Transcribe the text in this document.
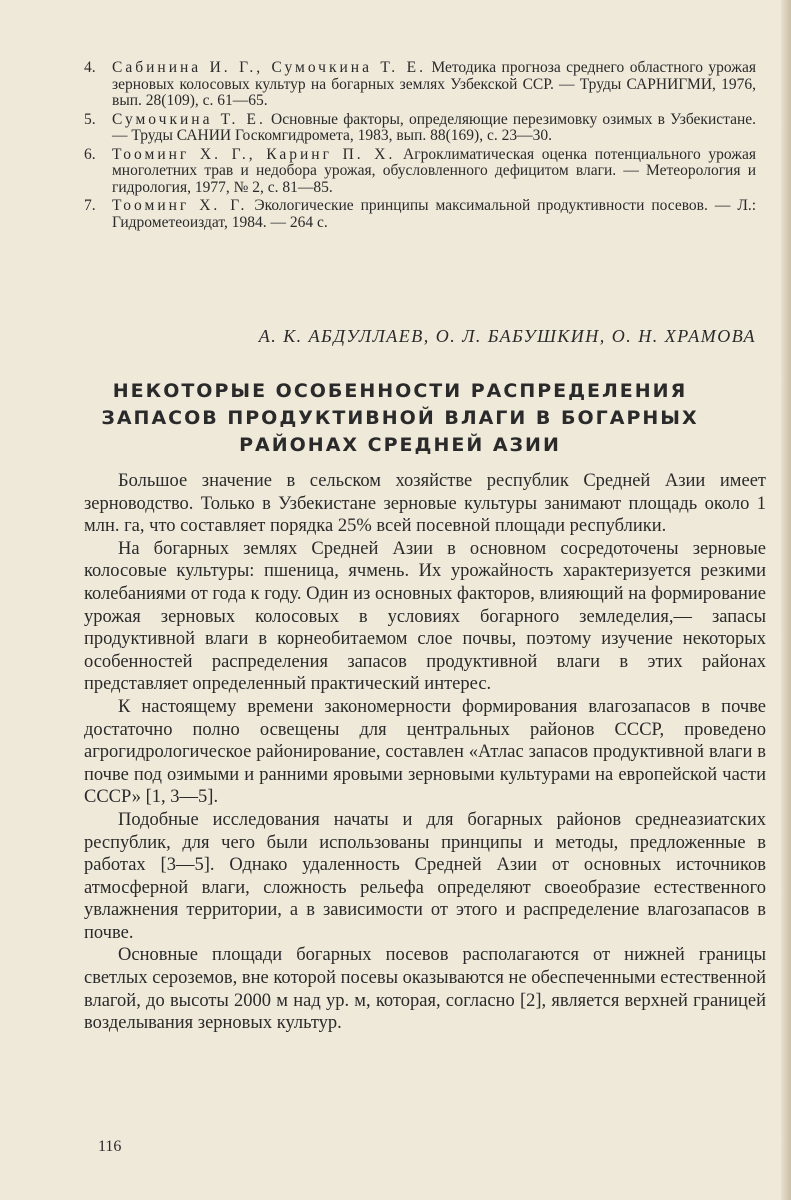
4. Сабинина И. Г., Сумочкина Т. Е. Методика прогноза среднего областного урожая зерновых колосовых культур на богарных землях Узбекской ССР. — Труды САРНИГМИ, 1976, вып. 28(109), с. 61—65.
5. Сумочкина Т. Е. Основные факторы, определяющие перезимовку озимых в Узбекистане. — Труды САНИИ Госкомгидромета, 1983, вып. 88(169), с. 23—30.
6. Тооминг Х. Г., Каринг П. Х. Агроклиматическая оценка потенциального урожая многолетних трав и недобора урожая, обусловленного дефицитом влаги. — Метеорология и гидрология, 1977, № 2, с. 81—85.
7. Тооминг Х. Г. Экологические принципы максимальной продуктивности посевов. — Л.: Гидрометеоиздат, 1984. — 264 с.
А. К. АБДУЛЛАЕВ, О. Л. БАБУШКИН, О. Н. ХРАМОВА
НЕКОТОРЫЕ ОСОБЕННОСТИ РАСПРЕДЕЛЕНИЯ ЗАПАСОВ ПРОДУКТИВНОЙ ВЛАГИ В БОГАРНЫХ РАЙОНАХ СРЕДНЕЙ АЗИИ

Большое значение в сельском хозяйстве республик Средней Азии имеет зерноводство. Только в Узбекистане зерновые культуры занимают площадь около 1 млн. га, что составляет порядка 25% всей посевной площади республики.

На богарных землях Средней Азии в основном сосредоточены зерновые колосовые культуры: пшеница, ячмень. Их урожайность характеризуется резкими колебаниями от года к году. Один из основных факторов, влияющий на формирование урожая зерновых колосовых в условиях богарного земледелия,— запасы продуктивной влаги в корнеобитаемом слое почвы, поэтому изучение некоторых особенностей распределения запасов продуктивной влаги в этих районах представляет определенный практический интерес.

К настоящему времени закономерности формирования влагозапасов в почве достаточно полно освещены для центральных районов СССР, проведено агрогидрологическое районирование, составлен «Атлас запасов продуктивной влаги в почве под озимыми и ранними яровыми зерновыми культурами на европейской части СССР» [1, 3—5].

Подобные исследования начаты и для богарных районов среднеазиатских республик, для чего были использованы принципы и методы, предложенные в работах [3—5]. Однако удаленность Средней Азии от основных источников атмосферной влаги, сложность рельефа определяют своеобразие естественного увлажнения территории, а в зависимости от этого и распределение влагозапасов в почве.

Основные площади богарных посевов располагаются от нижней границы светлых сероземов, вне которой посевы оказываются не обеспеченными естественной влагой, до высоты 2000 м над ур. м, которая, согласно [2], является верхней границей возделывания зерновых культур.

116
